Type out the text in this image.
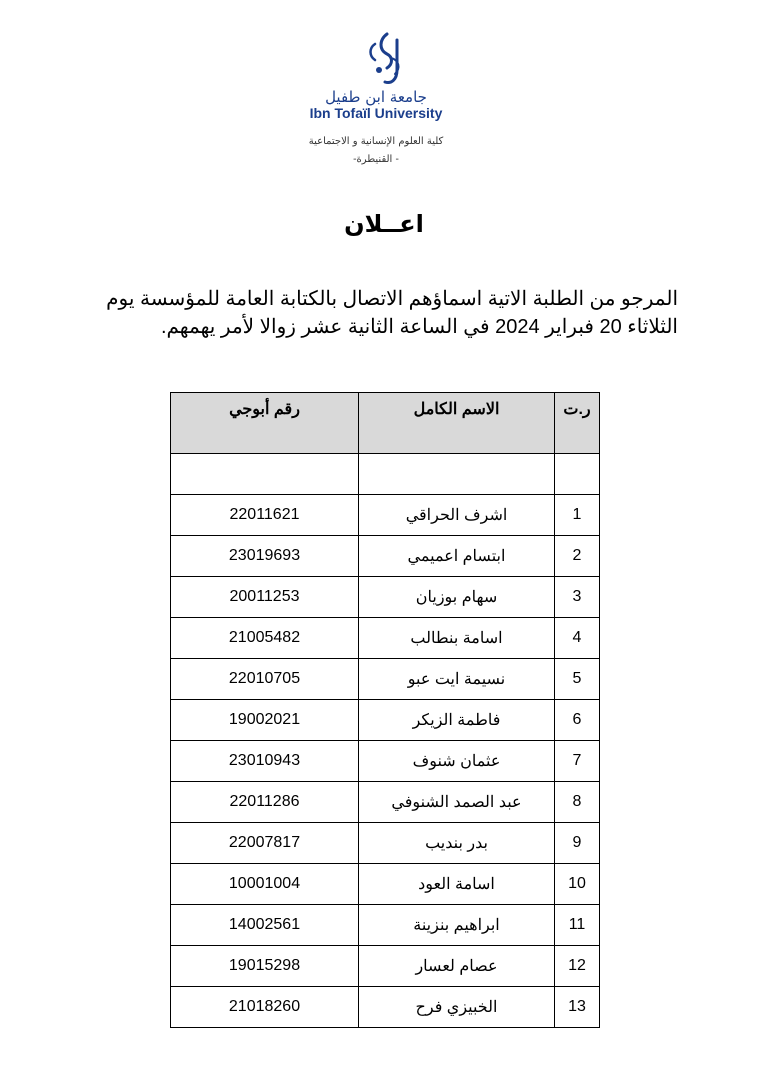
جامعة ابن طفيل
Ibn Tofaïl University
كلية العلوم الإنسانية و الاجتماعية
- القنيطرة-
اعــلان
المرجو من الطلبة الاتية اسماؤهم الاتصال بالكتابة العامة للمؤسسة يوم الثلاثاء 20 فبراير 2024 في الساعة الثانية عشر زوالا لأمر يهمهم.
ر.ت	الاسم الكامل	رقم أبوجي

1	اشرف الحراقي	22011621
2	ابتسام اعميمي	23019693
3	سهام بوزيان	20011253
4	اسامة بنطالب	21005482
5	نسيمة ايت عبو	22010705
6	فاطمة الزيكر	19002021
7	عثمان شنوف	23010943
8	عبد الصمد الشنوفي	22011286
9	بدر بنديب	22007817
10	اسامة العود	10001004
11	ابراهيم بنزينة	14002561
12	عصام لعسار	19015298
13	الخبيزي فرح	21018260
